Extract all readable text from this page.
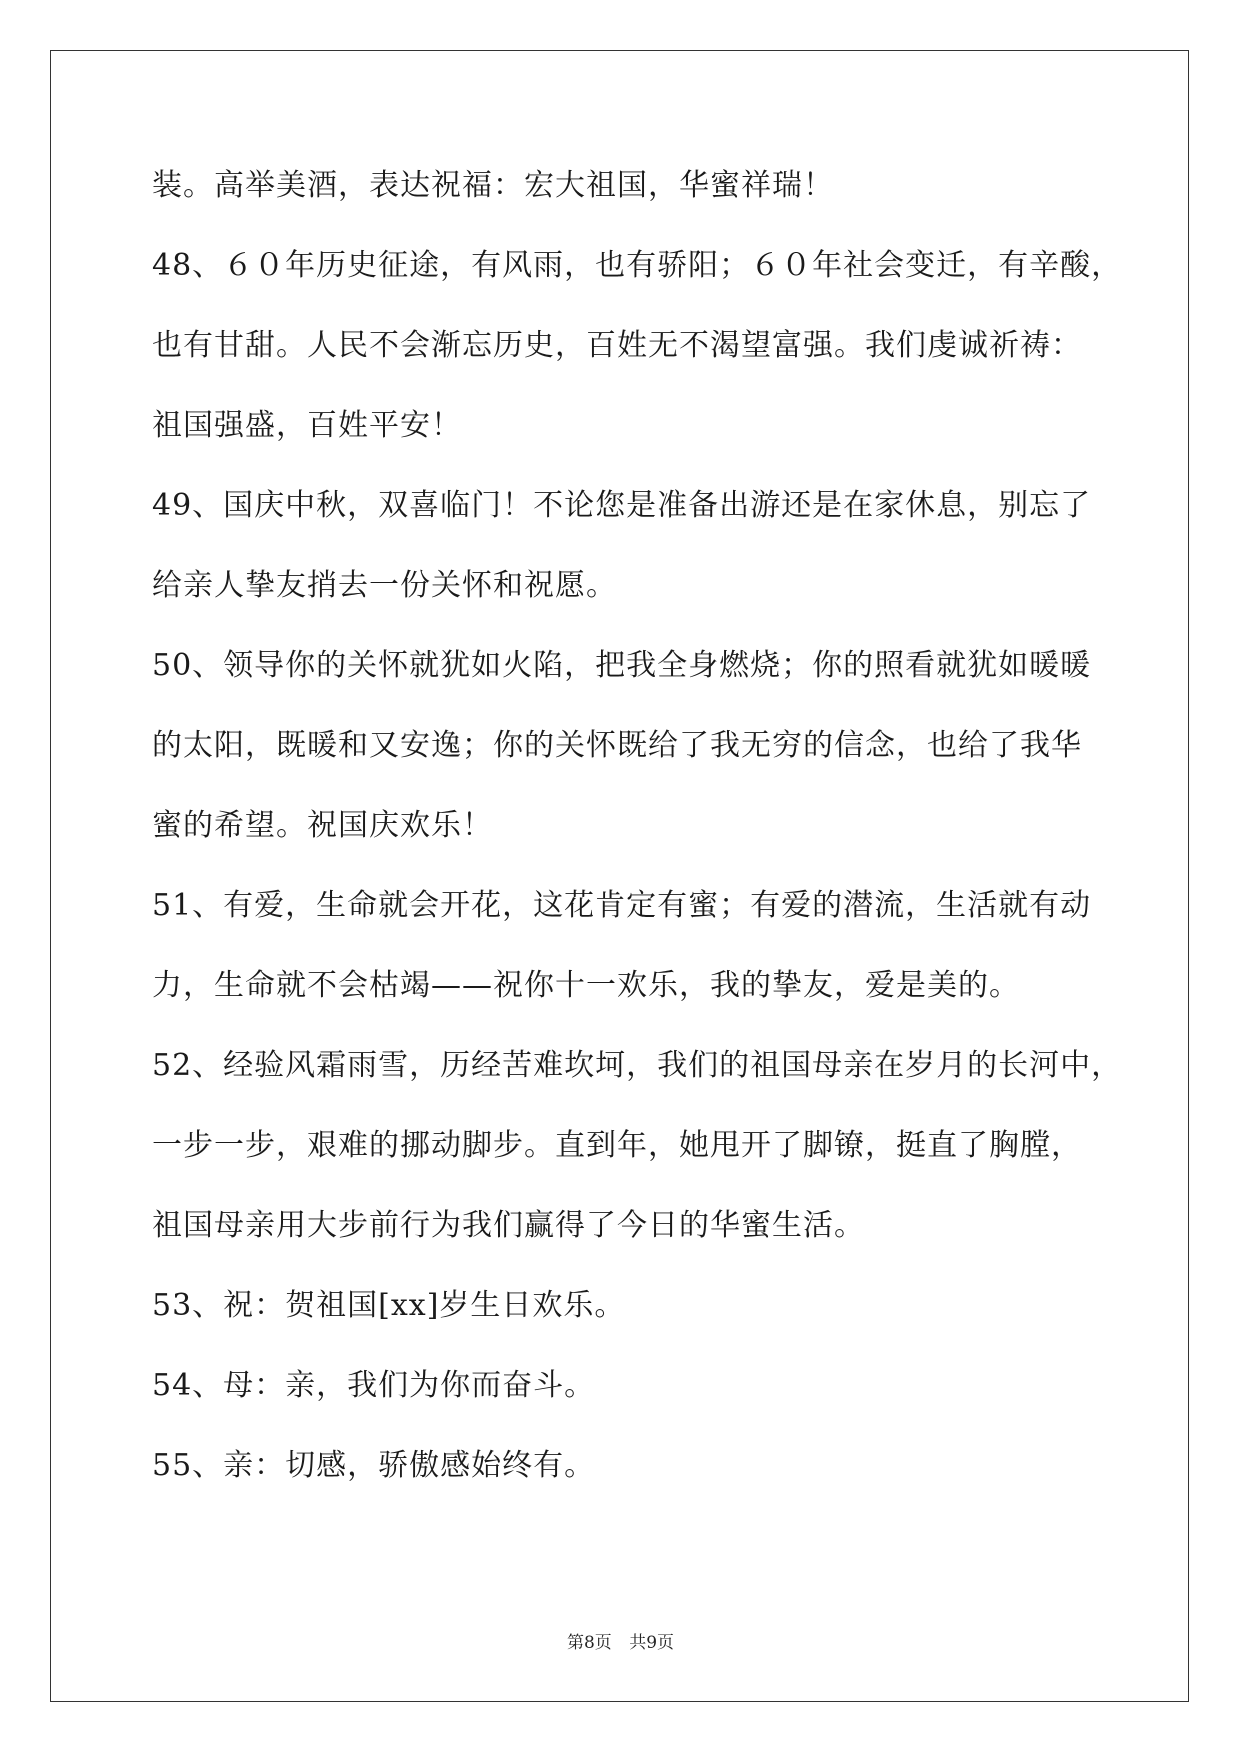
装。高举美酒，表达祝福：宏大祖国，华蜜祥瑞！

48、６０年历史征途，有风雨，也有骄阳；６０年社会变迁，有辛酸，

也有甘甜。人民不会渐忘历史，百姓无不渴望富强。我们虔诚祈祷：

祖国强盛，百姓平安！

49、国庆中秋，双喜临门！不论您是准备出游还是在家休息，别忘了

给亲人挚友捎去一份关怀和祝愿。

50、领导你的关怀就犹如火陷，把我全身燃烧；你的照看就犹如暖暖

的太阳，既暖和又安逸；你的关怀既给了我无穷的信念，也给了我华

蜜的希望。祝国庆欢乐！

51、有爱，生命就会开花，这花肯定有蜜；有爱的潜流，生活就有动

力，生命就不会枯竭——祝你十一欢乐，我的挚友，爱是美的。

52、经验风霜雨雪，历经苦难坎坷，我们的祖国母亲在岁月的长河中，

一步一步，艰难的挪动脚步。直到年，她甩开了脚镣，挺直了胸膛，

祖国母亲用大步前行为我们赢得了今日的华蜜生活。

53、祝：贺祖国[xx]岁生日欢乐。

54、母：亲，我们为你而奋斗。

55、亲：切感，骄傲感始终有。

第8页 共9页
